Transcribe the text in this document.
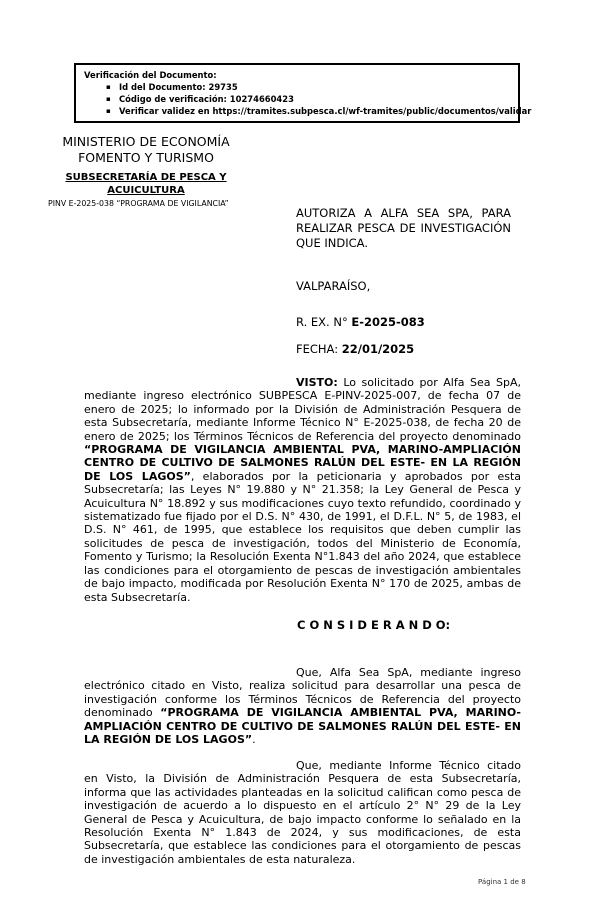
Verificación del Documento:
▪ Id del Documento: 29735
▪ Código de verificación: 10274660423
▪ Verificar validez en https://tramites.subpesca.cl/wf-tramites/public/documentos/validar
MINISTERIO DE ECONOMÍA
FOMENTO Y TURISMO
SUBSECRETARÍA DE PESCA Y
ACUICULTURA
PINV E-2025-038 “PROGRAMA DE VIGILANCIA”
AUTORIZA A ALFA SEA SPA, PARA REALIZAR PESCA DE INVESTIGACIÓN QUE INDICA.
VALPARAÍSO,
R. EX. N° E-2025-083
FECHA: 22/01/2025

VISTO: Lo solicitado por Alfa Sea SpA, mediante ingreso electrónico SUBPESCA E-PINV-2025-007, de fecha 07 de enero de 2025; lo informado por la División de Administración Pesquera de esta Subsecretaría, mediante Informe Técnico N° E-2025-038, de fecha 20 de enero de 2025; los Términos Técnicos de Referencia del proyecto denominado “PROGRAMA DE VIGILANCIA AMBIENTAL PVA, MARINO-AMPLIACIÓN CENTRO DE CULTIVO DE SALMONES RALÚN DEL ESTE- EN LA REGIÓN DE LOS LAGOS”, elaborados por la peticionaria y aprobados por esta Subsecretaría; las Leyes N° 19.880 y N° 21.358; la Ley General de Pesca y Acuicultura N° 18.892 y sus modificaciones cuyo texto refundido, coordinado y sistematizado fue fijado por el D.S. N° 430, de 1991, el D.F.L. N° 5, de 1983, el D.S. N° 461, de 1995, que establece los requisitos que deben cumplir las solicitudes de pesca de investigación, todos del Ministerio de Economía, Fomento y Turismo; la Resolución Exenta N°1.843 del año 2024, que establece las condiciones para el otorgamiento de pescas de investigación ambientales de bajo impacto, modificada por Resolución Exenta N° 170 de 2025, ambas de esta Subsecretaría.

C O N S I D E R A N D O:

Que, Alfa Sea SpA, mediante ingreso electrónico citado en Visto, realiza solicitud para desarrollar una pesca de investigación conforme los Términos Técnicos de Referencia del proyecto denominado “PROGRAMA DE VIGILANCIA AMBIENTAL PVA, MARINO-AMPLIACIÓN CENTRO DE CULTIVO DE SALMONES RALÚN DEL ESTE- EN LA REGIÓN DE LOS LAGOS”.

Que, mediante Informe Técnico citado en Visto, la División de Administración Pesquera de esta Subsecretaría, informa que las actividades planteadas en la solicitud califican como pesca de investigación de acuerdo a lo dispuesto en el artículo 2° N° 29 de la Ley General de Pesca y Acuicultura, de bajo impacto conforme lo señalado en la Resolución Exenta N° 1.843 de 2024, y sus modificaciones, de esta Subsecretaría, que establece las condiciones para el otorgamiento de pescas de investigación ambientales de esta naturaleza.

Página 1 de 8
